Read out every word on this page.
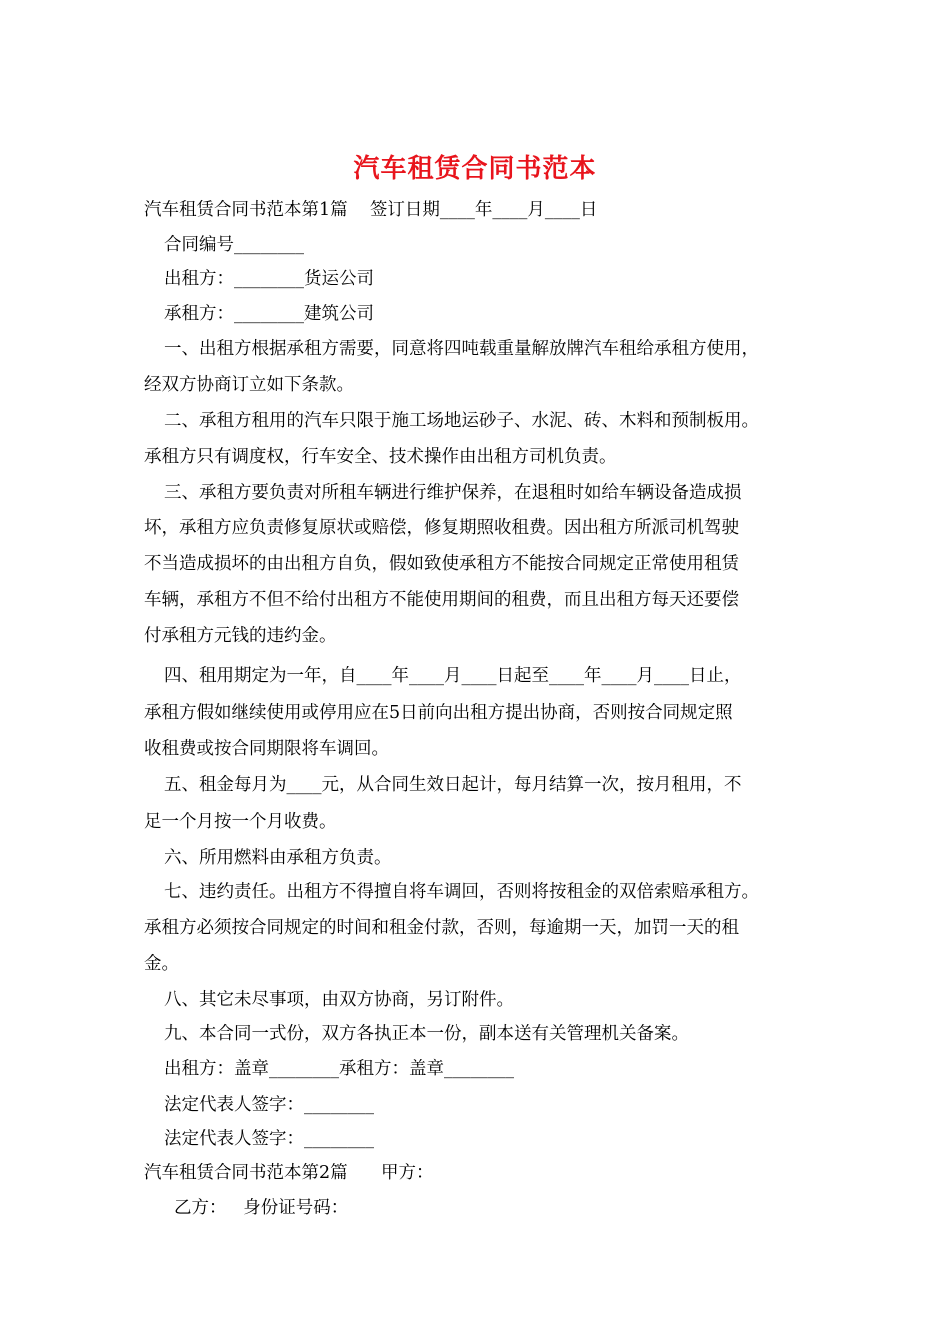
汽车租赁合同书范本
汽车租赁合同书范本第1篇    签订日期____年____月____日
合同编号________
出租方：________货运公司
承租方：________建筑公司
一、出租方根据承租方需要，同意将四吨载重量解放牌汽车租给承租方使用，
经双方协商订立如下条款。
二、承租方租用的汽车只限于施工场地运砂子、水泥、砖、木料和预制板用。
承租方只有调度权，行车安全、技术操作由出租方司机负责。
三、承租方要负责对所租车辆进行维护保养，在退租时如给车辆设备造成损
坏，承租方应负责修复原状或赔偿，修复期照收租费。因出租方所派司机驾驶
不当造成损坏的由出租方自负，假如致使承租方不能按合同规定正常使用租赁
车辆，承租方不但不给付出租方不能使用期间的租费，而且出租方每天还要偿
付承租方元钱的违约金。
四、租用期定为一年，自____年____月____日起至____年____月____日止，
承租方假如继续使用或停用应在5日前向出租方提出协商，否则按合同规定照
收租费或按合同期限将车调回。
五、租金每月为____元，从合同生效日起计，每月结算一次，按月租用，不
足一个月按一个月收费。
六、所用燃料由承租方负责。
七、违约责任。出租方不得擅自将车调回，否则将按租金的双倍索赔承租方。
承租方必须按合同规定的时间和租金付款，否则，每逾期一天，加罚一天的租
金。
八、其它未尽事项，由双方协商，另订附件。
九、本合同一式份，双方各执正本一份，副本送有关管理机关备案。
出租方：盖章________承租方：盖章________
法定代表人签字：________
法定代表人签字：________
汽车租赁合同书范本第2篇      甲方：
乙方：   身份证号码：
